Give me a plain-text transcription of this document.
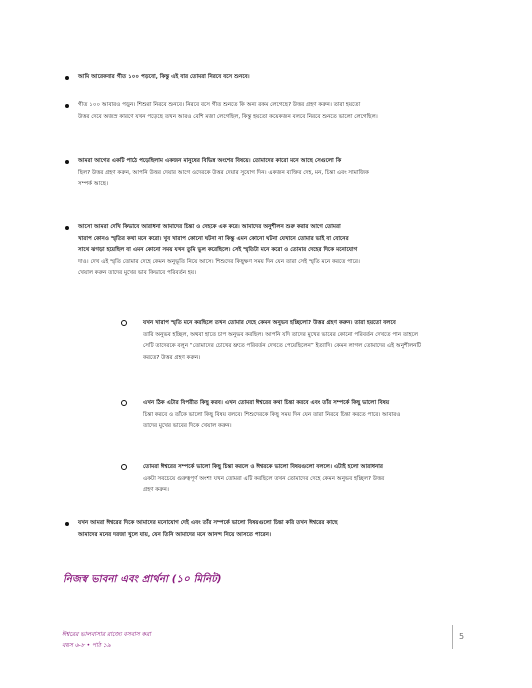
আমি আরেকবার গীত ১০০ পড়বো, কিন্তু এই বার তোমরা নিরবে বসে শুনবে।

গীত ১০০ আবারও পড়ুন। শিশুরা নিরবে শুনবে। নিরবে বসে গীত শুনতে কি অন্য রকম লেগেছে? উত্তর গ্রহণ করুন। তারা হয়তো

উত্তর দেবে অজস্র কারণে যখন পড়েছে তখন আরও বেশি মজা লেগেছিল, কিন্তু হয়তো কয়েকজন বলবে নিরবে শুনতে ভালো লেগেছিল।

আমরা আগের একটি পাঠে পড়েছিলাম একজন মানুষের বিভিন্ন অংশের বিষয়ে। তোমাদের কারো মনে আছে সেগুলো কি

ছিল? উত্তর গ্রহণ করুন, আপনি উত্তর দেয়ার আগে ওদেরকে উত্তর দেয়ার সুযোগ দিন। একজন ব্যক্তির দেহ, মন, চিন্তা এবং সামাজিক

সম্পর্ক আছে।

আসো আমরা দেখি কিভাবে আরাধনা আমাদের চিন্তা ও দেহকে এক করে। আমাদের অনুশীলন শুরু করার আগে তোমরা

খারাপ কোনও স্মৃতির কথা মনে করো। খুব খারাপ কোনো ঘটনা না কিন্তু এমন কোনো ঘটনা যেখানে তোমার ভাই বা বোনের

সাথে ঝগড়া হয়েছিল বা এমন কোনো সময় যখন তুমি ভুল করেছিলে। সেই স্মৃতিটা মনে করো ও তোমার দেহের দিকে মনোযোগ

দাও। দেখ এই স্মৃতি তোমার দেহে কেমন অনুভূতি নিয়ে আসে। শিশুদের কিছুক্ষণ সময় দিন যেন তারা সেই স্মৃতি মনে করতে পারে।

খেয়াল করুন তাদের মুখের ভাব কিভাবে পরিবর্তন হয়।

যখন খারাপ স্মৃতি মনে করছিলে তখন তোমার দেহে কেমন অনুভব হচ্ছিলো? উত্তর গ্রহণ করুন। তারা হয়তো বলবে

তারি অনুভব হচ্ছিল, অথবা হাতে চাপ অনুভব করছিল। আপনি যদি তাদের মুখের ভাবের কোনো পরিবর্তন দেখতে পান তাহলে

সেটি তাদেরকে বলুন “তোমাদের চোখের ভ্রুতে পরিবর্তন দেখতে পেয়েছিলেন” ইত্যাদি। কেমন লাগল তোমাদের এই অনুশীলনটি

করতে? উত্তর গ্রহণ করুন।

এখন ঠিক এটার বিপরীত কিছু করব। এখন তোমরা ঈশ্বরের কথা চিন্তা করবে এবং তাঁর সম্পর্কে কিছু ভালো বিষয়

চিন্তা করবে ও তাঁকে ভালো কিছু বিষয় বলবে। শিশুদেরকে কিছু সময় দিন যেন তারা নিরবে চিন্তা করতে পারে। আবারও

তাদের মুখের ভাবের দিকে খেয়াল করুন।

তোমরা ঈশ্বরের সম্পর্কে ভালো কিছু চিন্তা করলে ও ঈশ্বরকে ভালো বিষয়গুলো বললে। এটাই হলো আরাধনার

একটা সবচেয়ে গুরুত্বপূর্ণ অংশ! যখন তোমরা এটি করছিলে তখন তোমাদের দেহে কেমন অনুভব হচ্ছিল? উত্তর

গ্রহণ করুন।

যখন আমরা ঈশ্বরের দিকে আমাদের মনোযোগ দেই এবং তাঁর সম্পর্কে ভালো বিষয়গুলো চিন্তা করি তখন ঈশ্বরের কাছে

আমাদের মনের দরজা খুলে যায়, যেন তিনি আমাদের মনে আনন্দ নিয়ে আসতে পারেন।

নিজস্ব ভাবনা এবং প্রার্থনা (১০ মিনিট)
ঈশ্বরের ভালবাসার রাজ্যে বসবাস করা
বয়স ৬-৮ • পাঠ ১৯
5
